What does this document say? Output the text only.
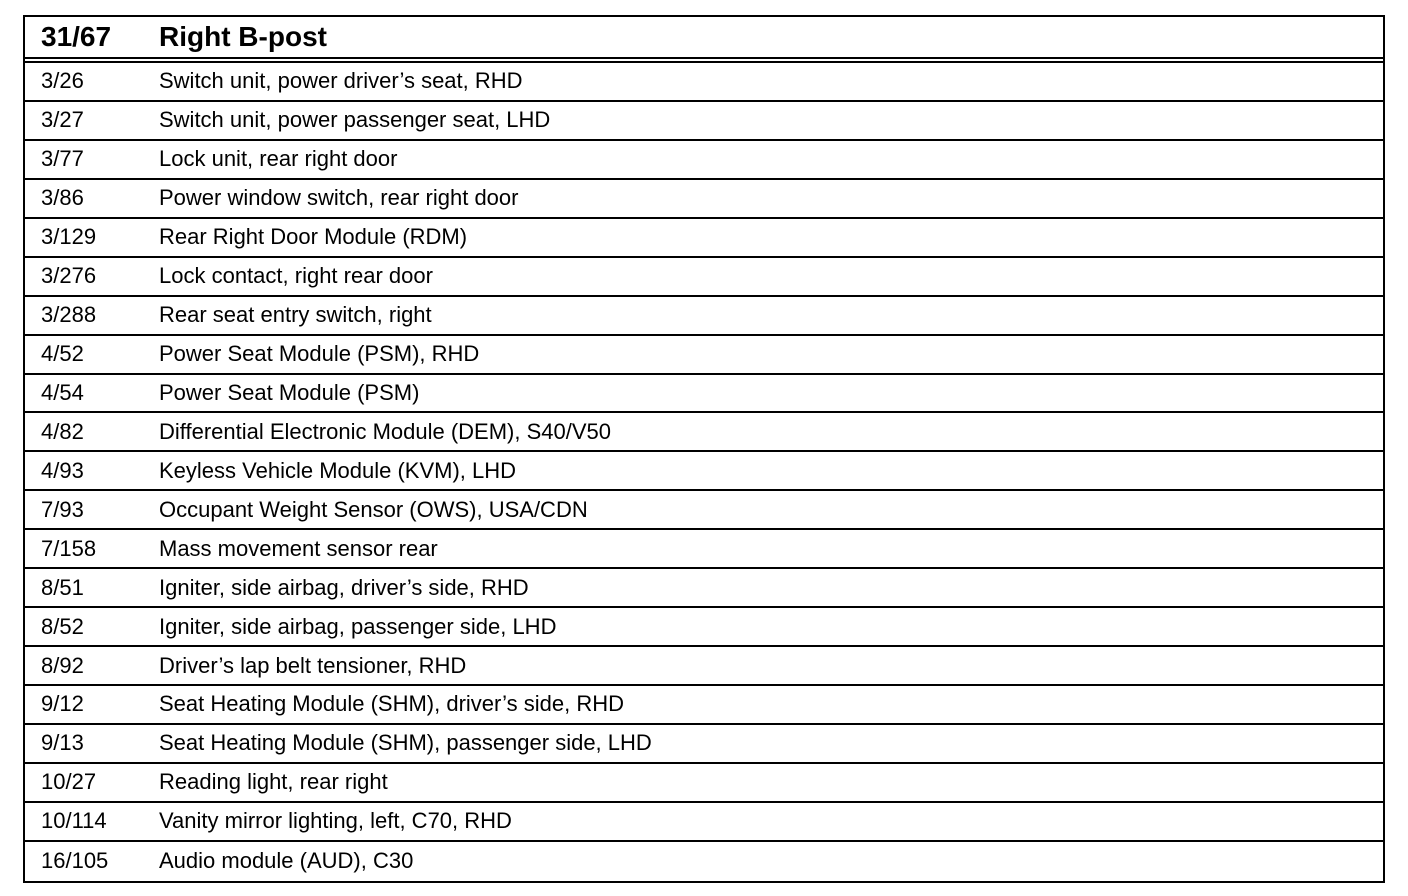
31/67 Right B-post
3/26	Switch unit, power driver’s seat, RHD
3/27	Switch unit, power passenger seat, LHD
3/77	Lock unit, rear right door
3/86	Power window switch, rear right door
3/129	Rear Right Door Module (RDM)
3/276	Lock contact, right rear door
3/288	Rear seat entry switch, right
4/52	Power Seat Module (PSM), RHD
4/54	Power Seat Module (PSM)
4/82	Differential Electronic Module (DEM), S40/V50
4/93	Keyless Vehicle Module (KVM), LHD
7/93	Occupant Weight Sensor (OWS), USA/CDN
7/158	Mass movement sensor rear
8/51	Igniter, side airbag, driver’s side, RHD
8/52	Igniter, side airbag, passenger side, LHD
8/92	Driver’s lap belt tensioner, RHD
9/12	Seat Heating Module (SHM), driver’s side, RHD
9/13	Seat Heating Module (SHM), passenger side, LHD
10/27	Reading light, rear right
10/114 Vanity mirror lighting, left, C70, RHD
16/105 Audio module (AUD), C30
